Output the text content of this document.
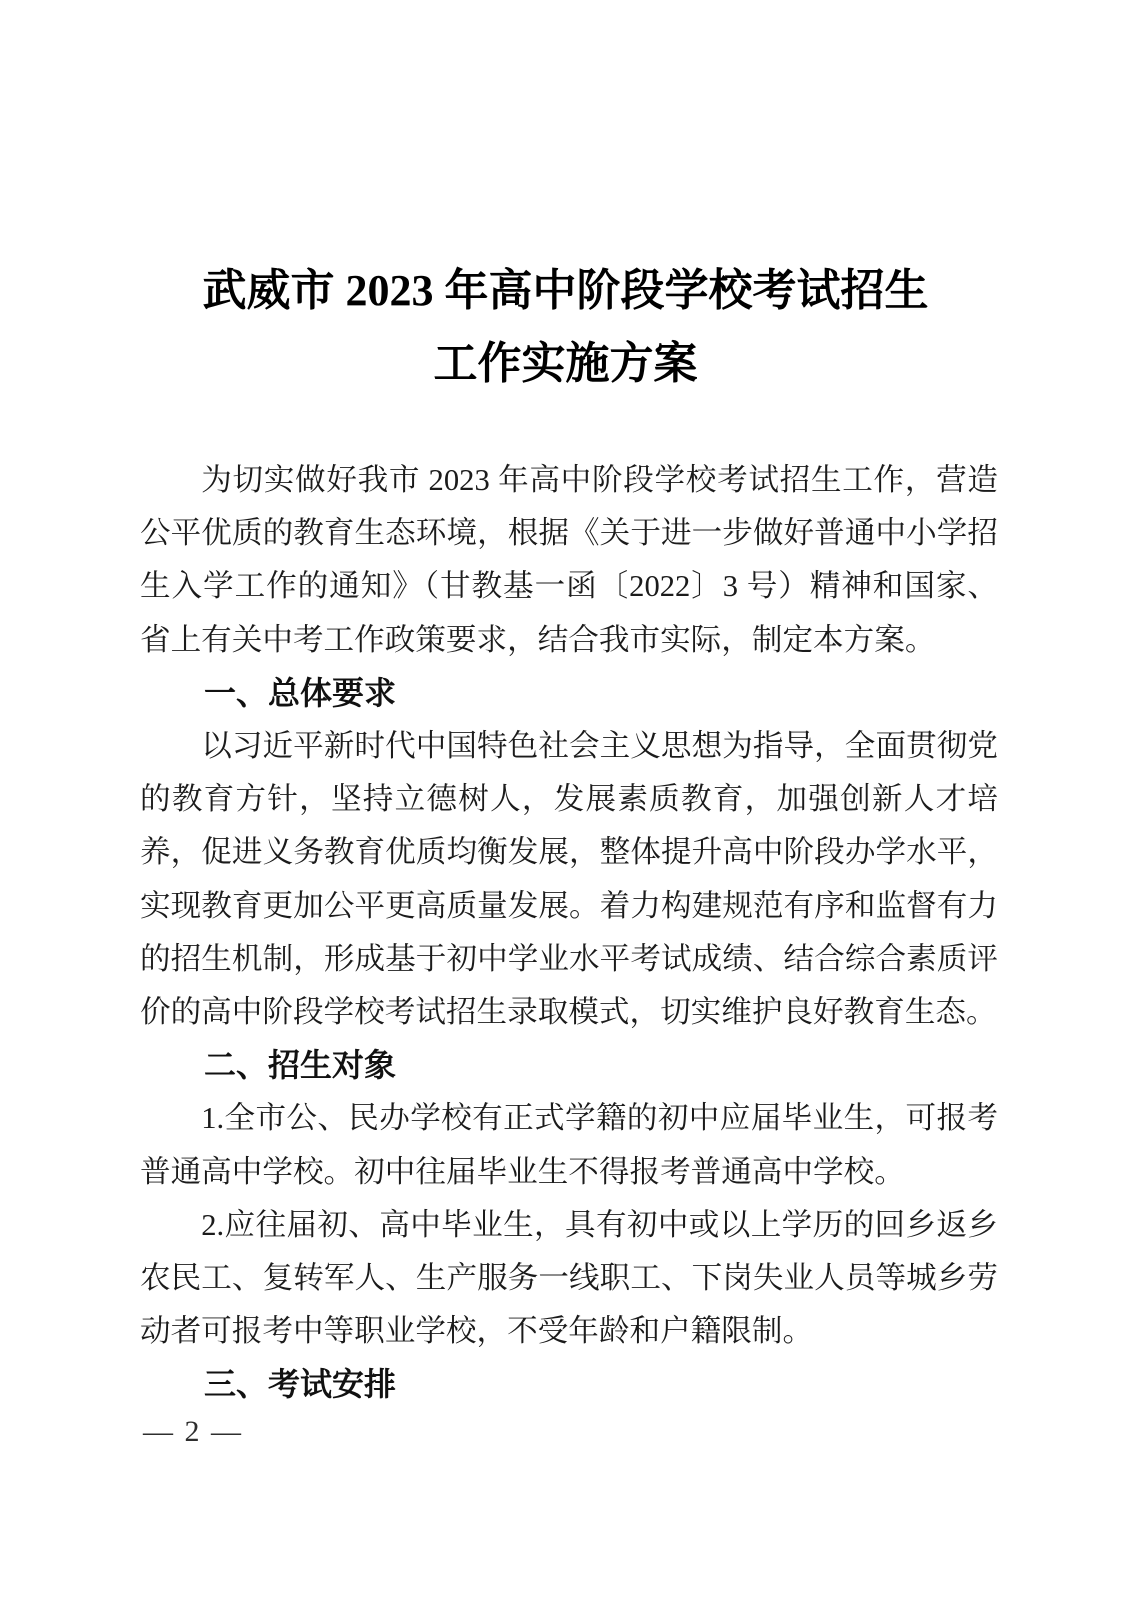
武威市 2023 年高中阶段学校考试招生
工作实施方案

为切实做好我市 2023 年高中阶段学校考试招生工作，营造公平优质的教育生态环境，根据《关于进一步做好普通中小学招生入学工作的通知》（甘教基一函〔2022〕3 号）精神和国家、省上有关中考工作政策要求，结合我市实际，制定本方案。

一、总体要求

以习近平新时代中国特色社会主义思想为指导，全面贯彻党的教育方针，坚持立德树人，发展素质教育，加强创新人才培养，促进义务教育优质均衡发展，整体提升高中阶段办学水平，实现教育更加公平更高质量发展。着力构建规范有序和监督有力的招生机制，形成基于初中学业水平考试成绩、结合综合素质评价的高中阶段学校考试招生录取模式，切实维护良好教育生态。

二、招生对象

1.全市公、民办学校有正式学籍的初中应届毕业生，可报考普通高中学校。初中往届毕业生不得报考普通高中学校。

2.应往届初、高中毕业生，具有初中或以上学历的回乡返乡农民工、复转军人、生产服务一线职工、下岗失业人员等城乡劳动者可报考中等职业学校，不受年龄和户籍限制。

三、考试安排
— 2 —
